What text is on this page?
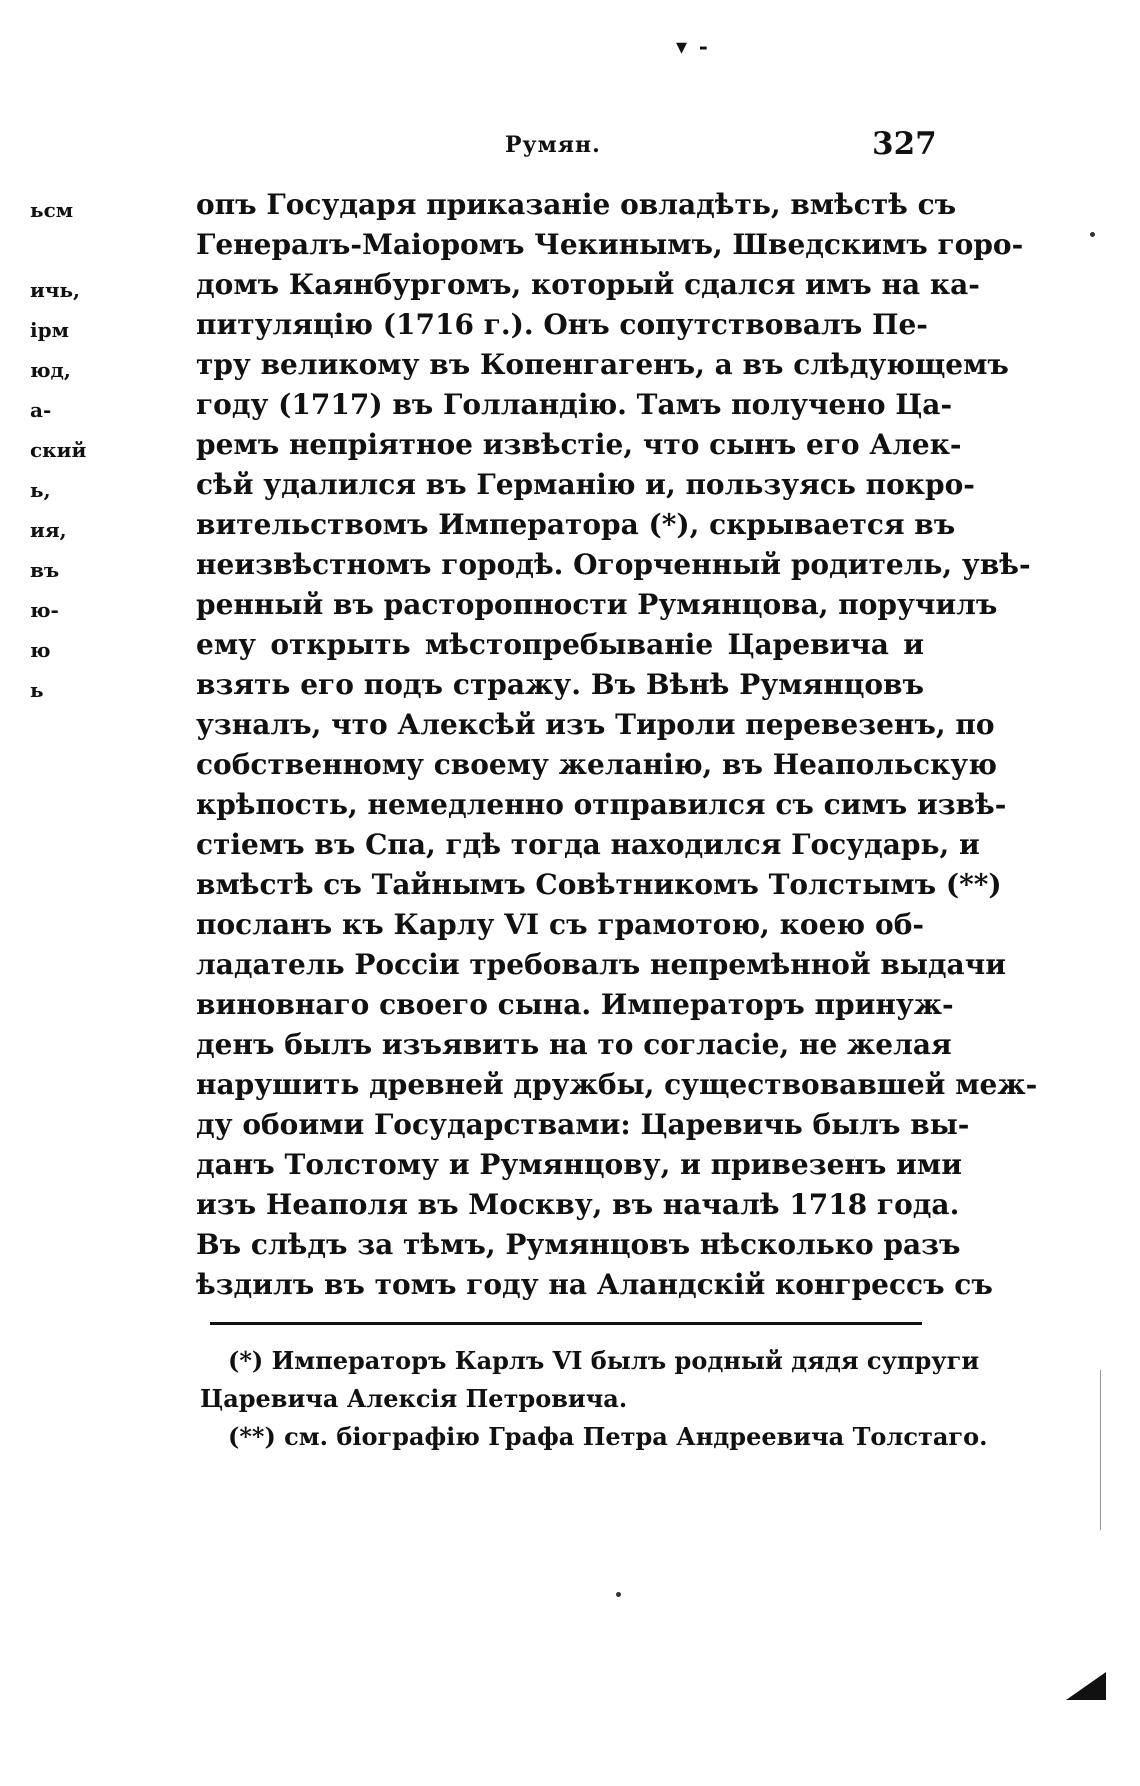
▾ -
Румян.	327
ьсм
ичь,
ірм
юд,
а-
ский
ь,
ия,
въ
ю-
ю
ь
опъ Государя приказаніе овладѣть, вмѣстѣ съ
Генералъ-Маіоромъ Чекинымъ, Шведскимъ горо-
домъ Каянбургомъ, который сдался имъ на ка-
питуляцію (1716 г.). Онъ сопутствовалъ Пе-
тру великому въ Копенгагенъ, а въ слѣдующемъ
году (1717) въ Голландію. Тамъ получено Ца-
ремъ непріятное извѣстіе, что сынъ его Алек-
сѣй удалился въ Германію и, пользуясь покро-
вительствомъ Императора (*), скрывается въ
неизвѣстномъ городѣ. Огорченный родитель, увѣ-
ренный въ расторопности Румянцова, поручилъ
ему открыть мѣстопребываніе Царевича и
взять его подъ стражу. Въ Вѣнѣ Румянцовъ
узналъ, что Алексѣй изъ Тироли перевезенъ, по
собственному своему желанію, въ Неапольскую
крѣпость, немедленно отправился съ симъ извѣ-
стіемъ въ Спа, гдѣ тогда находился Государь, и
вмѣстѣ съ Тайнымъ Совѣтникомъ Толстымъ (**)
посланъ къ Карлу VI съ грамотою, коею об-
ладатель Россіи требовалъ непремѣнной выдачи
виновнаго своего сына. Императоръ принуж-
денъ былъ изъявить на то согласіе, не желая
нарушить древней дружбы, существовавшей меж-
ду обоими Государствами: Царевичь былъ вы-
данъ Толстому и Румянцову, и привезенъ ими
изъ Неаполя въ Москву, въ началѣ 1718 года.
Въ слѣдъ за тѣмъ, Румянцовъ нѣсколько разъ
ѣздилъ въ томъ году на Аландскій конгрессъ съ
(*) Императоръ Карлъ VI былъ родный дядя супруги
Царевича Алексія Петровича.
(**) см. біографію Графа Петра Андреевича Толстаго.
